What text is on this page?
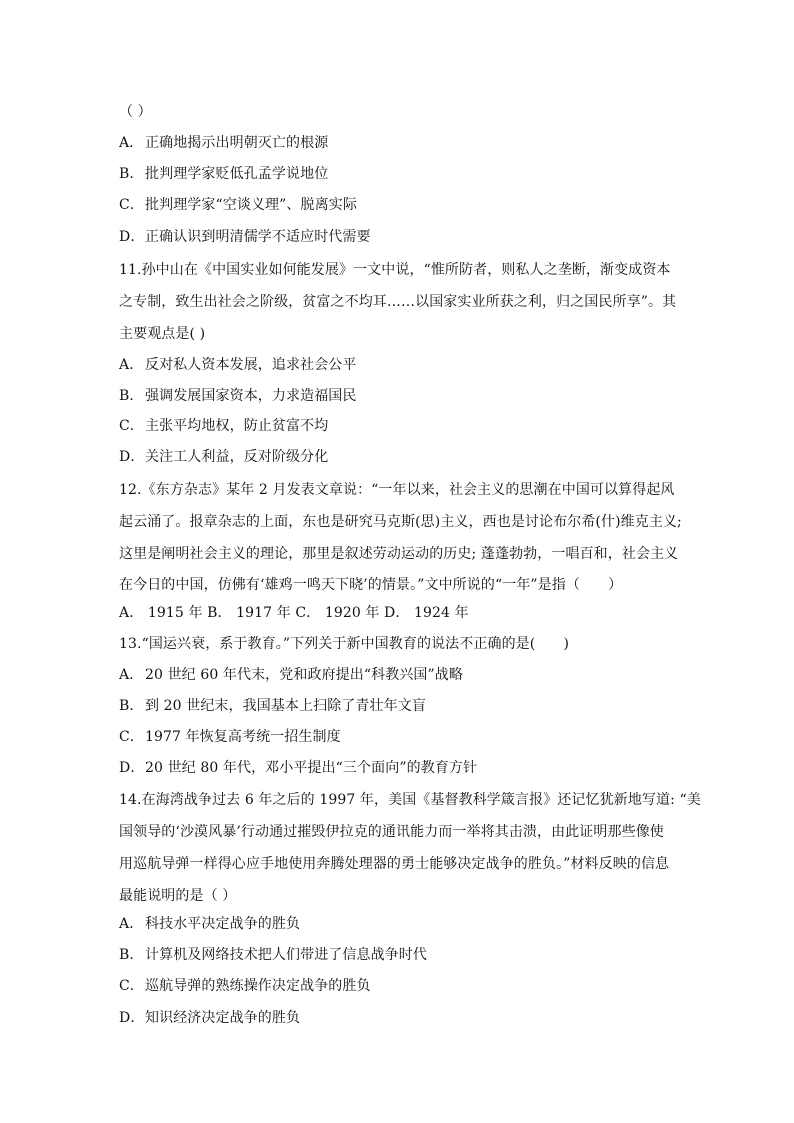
（ ）
A． 正确地揭示出明朝灭亡的根源
B． 批判理学家贬低孔孟学说地位
C．批判理学家“空谈义理”、脱离实际
D．正确认识到明清儒学不适应时代需要
11.孙中山在《中国实业如何能发展》一文中说，“惟所防者，则私人之垄断，渐变成资本
之专制，致生出社会之阶级，贫富之不均耳……以国家实业所获之利，归之国民所享”。其
主要观点是( )
A． 反对私人资本发展，追求社会公平
B． 强调发展国家资本，力求造福国民
C．主张平均地权，防止贫富不均
D．关注工人利益，反对阶级分化
12.《东方杂志》某年 2 月发表文章说：“一年以来，社会主义的思潮在中国可以算得起风
起云涌了。报章杂志的上面，东也是研究马克斯(思)主义，西也是讨论布尔希(什)维克主义;
这里是阐明社会主义的理论，那里是叙述劳动运动的历史; 蓬蓬勃勃，一唱百和，社会主义
在今日的中国，仿佛有‘雄鸡一鸣天下晓’的情景。”文中所说的“一年”是指（　　）
A． 1915 年 B． 1917 年 C． 1920 年 D． 1924 年
13.“国运兴衰，系于教育。”下列关于新中国教育的说法不正确的是(　　)
A． 20 世纪 60 年代末，党和政府提出“科教兴国”战略
B． 到 20 世纪末，我国基本上扫除了青壮年文盲
C．1977 年恢复高考统一招生制度
D．20 世纪 80 年代，邓小平提出“三个面向”的教育方针
14.在海湾战争过去 6 年之后的 1997 年，美国《基督教科学箴言报》还记忆犹新地写道: “美
国领导的‘沙漠风暴’行动通过摧毁伊拉克的通讯能力而一举将其击溃，由此证明那些像使
用巡航导弹一样得心应手地使用奔腾处理器的勇士能够决定战争的胜负。”材料反映的信息
最能说明的是（ ）
A． 科技水平决定战争的胜负
B． 计算机及网络技术把人们带进了信息战争时代
C．巡航导弹的熟练操作决定战争的胜负
D．知识经济决定战争的胜负
